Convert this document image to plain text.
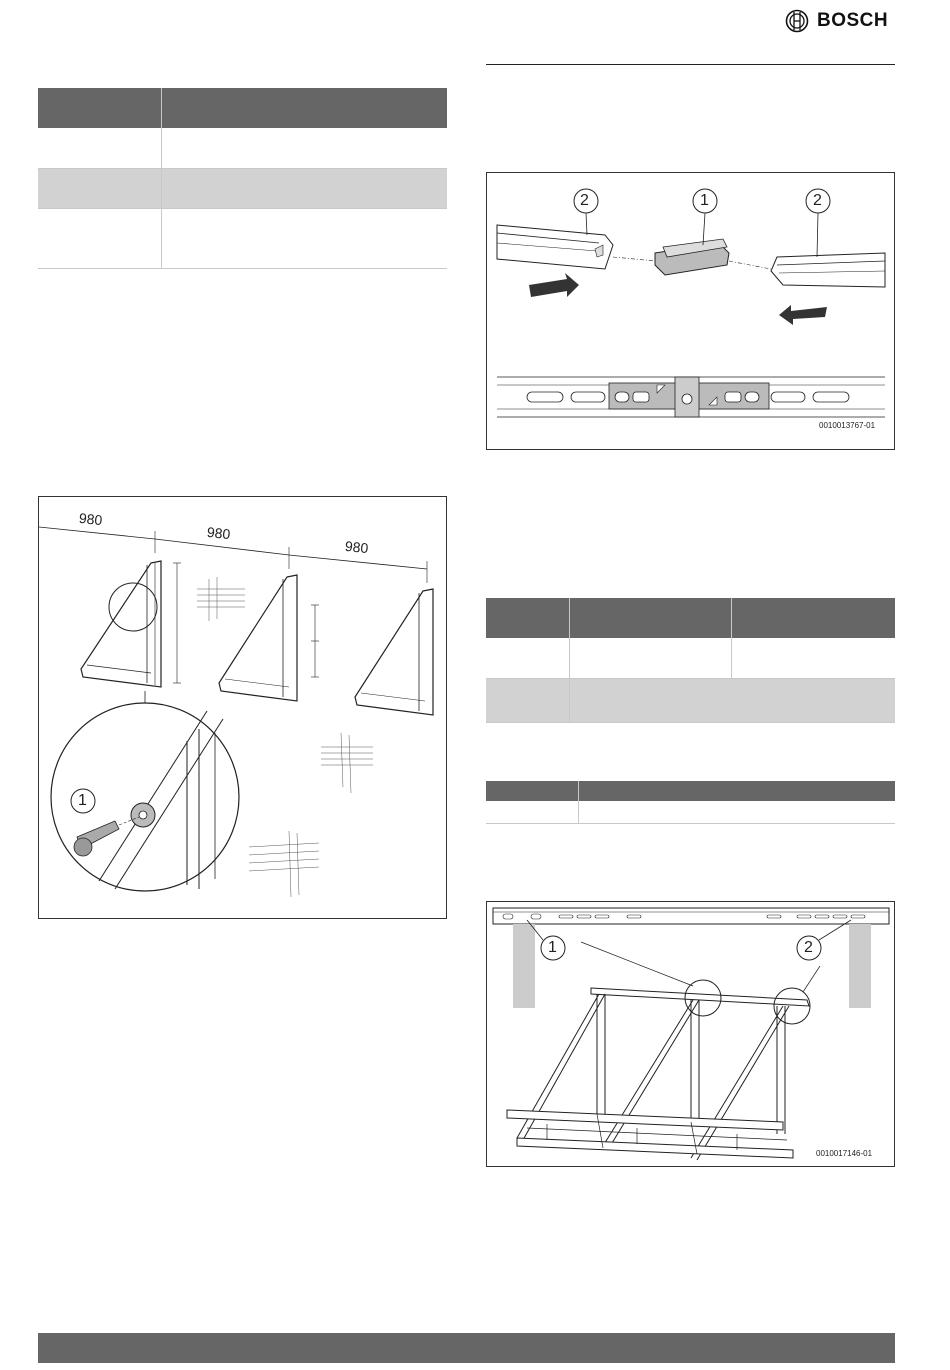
BOSCH

2	1	2
0010013767-01
980
980
980
1

1	2
0010017146-01
